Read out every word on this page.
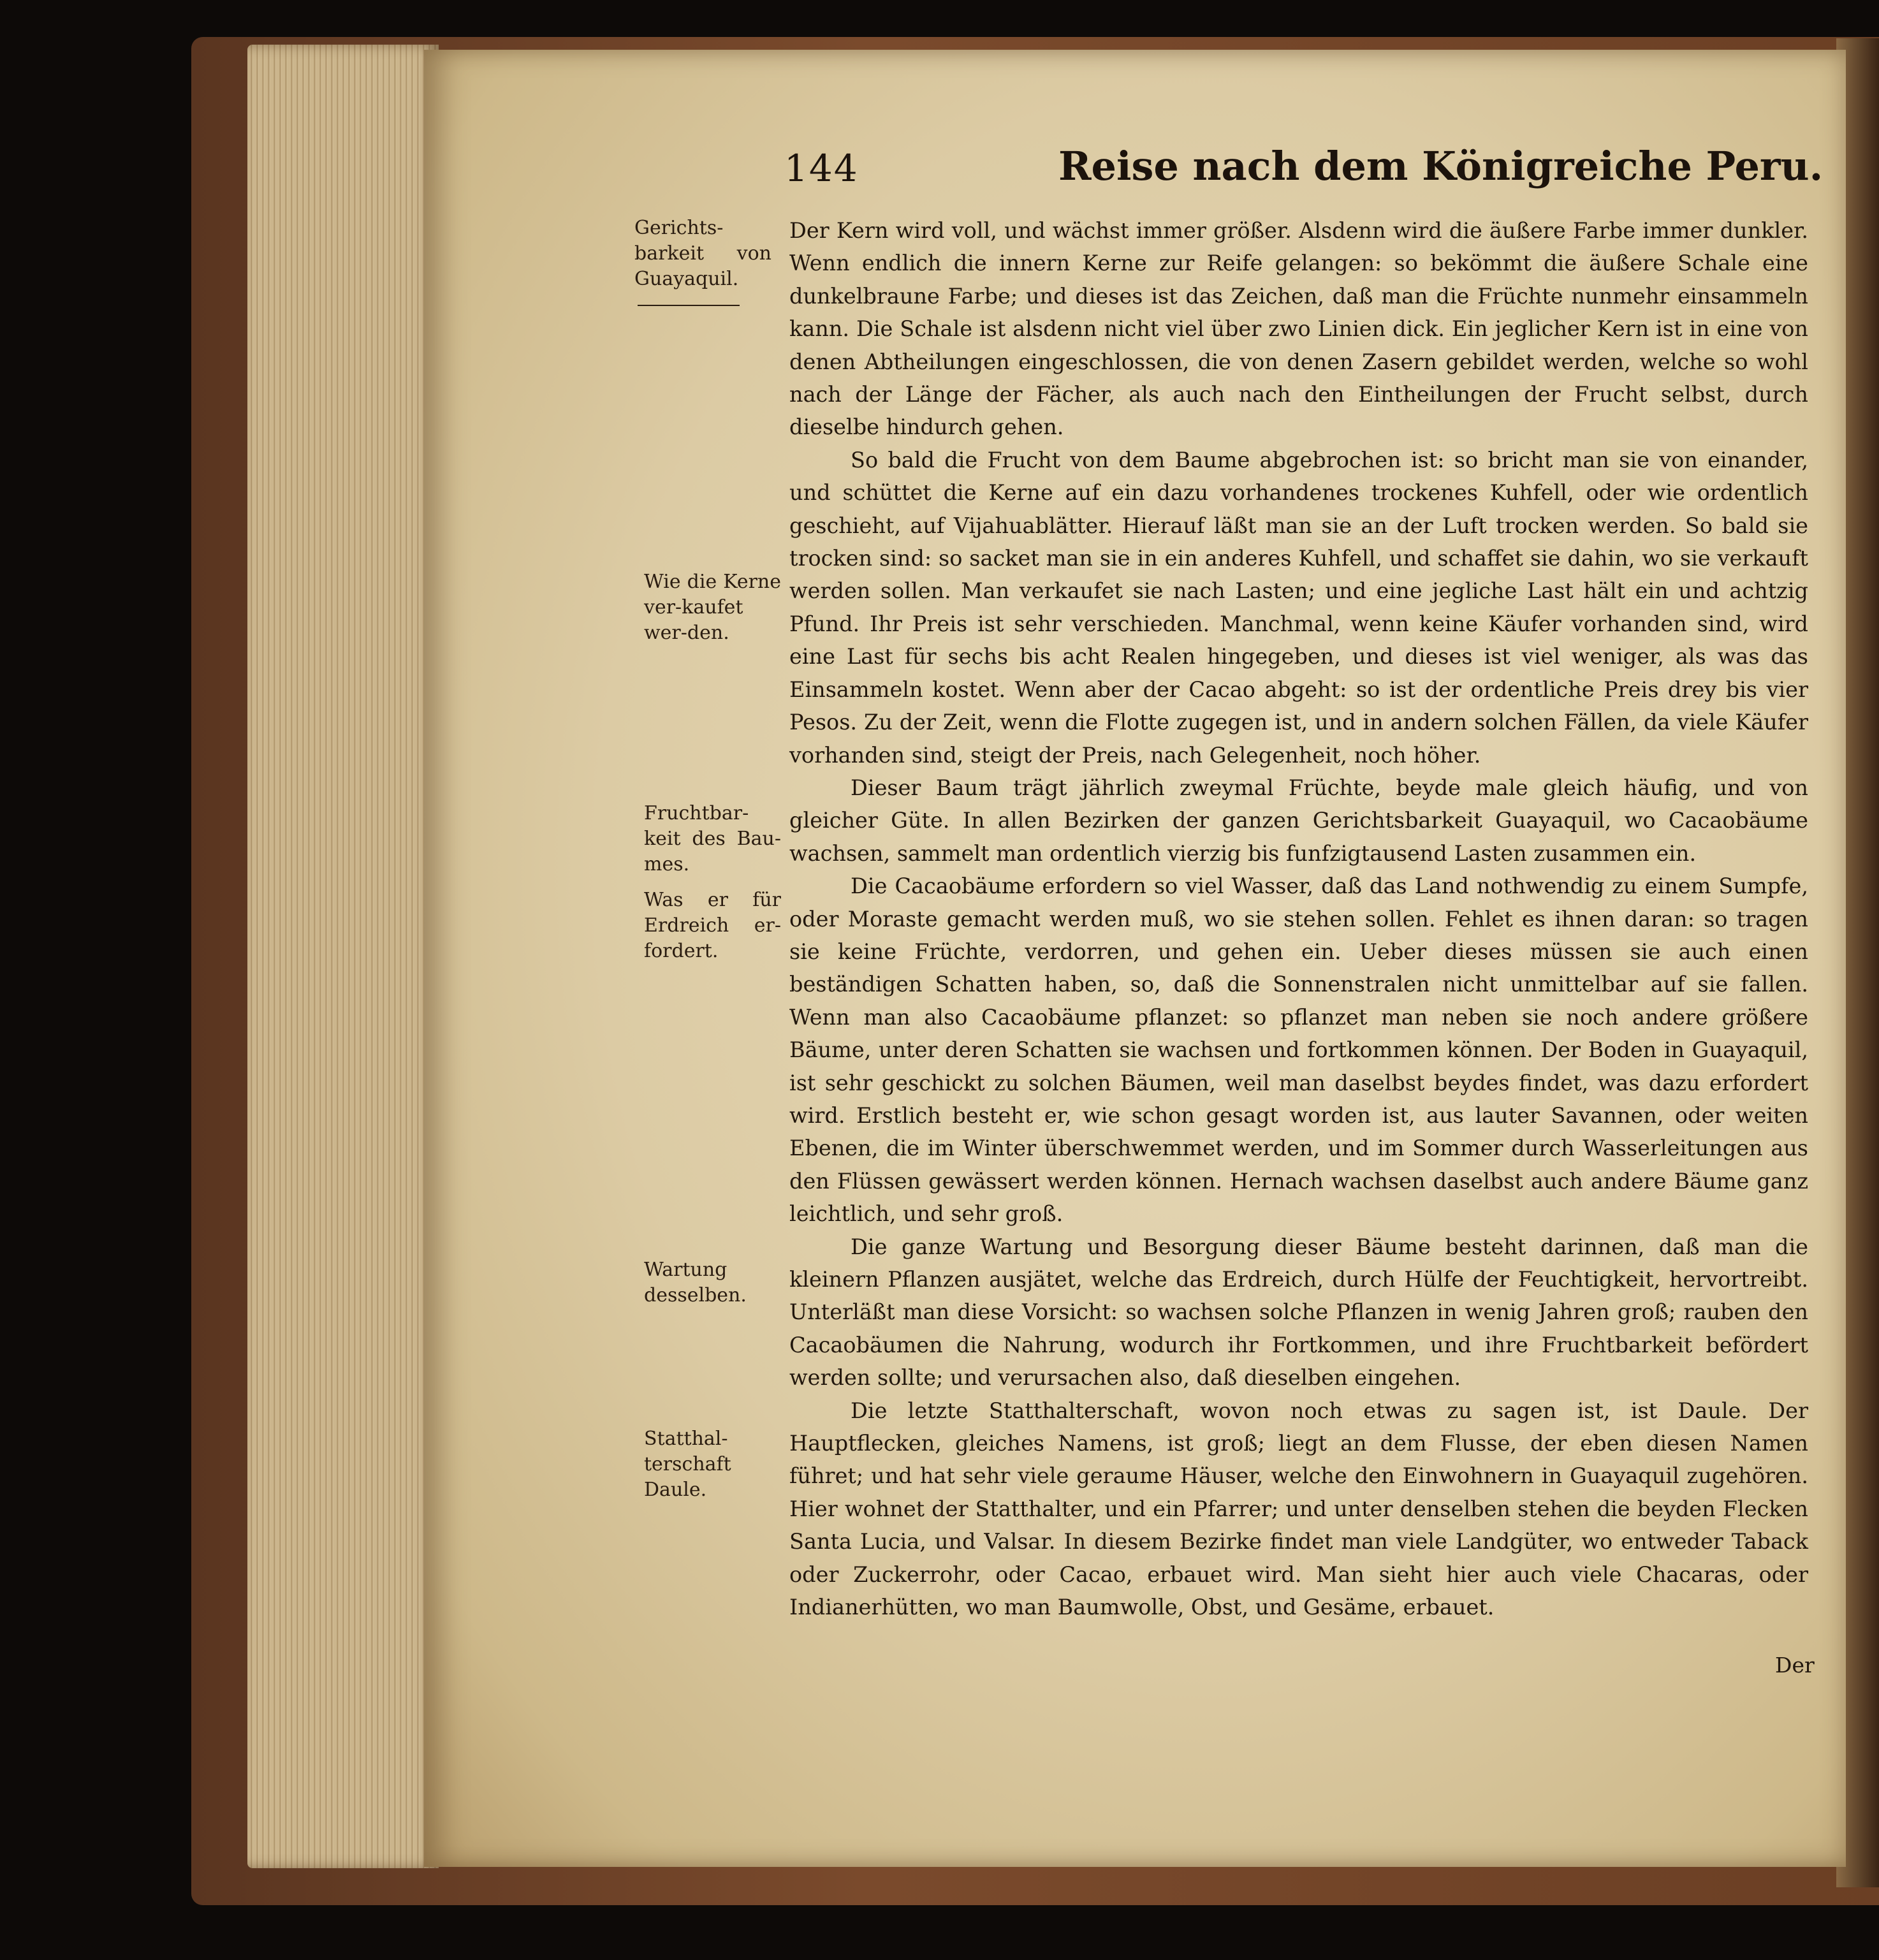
144	Reise nach dem Königreiche Peru.
Gerichts-barkeit von Guayaquil.
Wie die Kerne ver-kaufet wer-den.
Fruchtbar-keit des Bau-mes.
Was er für Erdreich er-fordert.
Wartung desselben.
Statthal-terschaft Daule.

Der Kern wird voll, und wächst immer größer. Alsdenn wird die äußere Farbe immer dunkler. Wenn endlich die innern Kerne zur Reife gelangen: so bekömmt die äußere Schale eine dunkelbraune Farbe; und dieses ist das Zeichen, daß man die Früchte nunmehr einsammeln kann. Die Schale ist alsdenn nicht viel über zwo Linien dick. Ein jeglicher Kern ist in eine von denen Abtheilungen eingeschlossen, die von denen Zasern gebildet werden, welche so wohl nach der Länge der Fächer, als auch nach den Eintheilungen der Frucht selbst, durch dieselbe hindurch gehen.

So bald die Frucht von dem Baume abgebrochen ist: so bricht man sie von einander, und schüttet die Kerne auf ein dazu vorhandenes trockenes Kuhfell, oder wie ordentlich geschieht, auf Vijahuablätter. Hierauf läßt man sie an der Luft trocken werden. So bald sie trocken sind: so sacket man sie in ein anderes Kuhfell, und schaffet sie dahin, wo sie verkauft werden sollen. Man verkaufet sie nach Lasten; und eine jegliche Last hält ein und achtzig Pfund. Ihr Preis ist sehr verschieden. Manchmal, wenn keine Käufer vorhanden sind, wird eine Last für sechs bis acht Realen hingegeben, und dieses ist viel weniger, als was das Einsammeln kostet. Wenn aber der Cacao abgeht: so ist der ordentliche Preis drey bis vier Pesos. Zu der Zeit, wenn die Flotte zugegen ist, und in andern solchen Fällen, da viele Käufer vorhanden sind, steigt der Preis, nach Gelegenheit, noch höher.

Dieser Baum trägt jährlich zweymal Früchte, beyde male gleich häufig, und von gleicher Güte. In allen Bezirken der ganzen Gerichtsbarkeit Guayaquil, wo Cacaobäume wachsen, sammelt man ordentlich vierzig bis funfzigtausend Lasten zusammen ein.

Die Cacaobäume erfordern so viel Wasser, daß das Land nothwendig zu einem Sumpfe, oder Moraste gemacht werden muß, wo sie stehen sollen. Fehlet es ihnen daran: so tragen sie keine Früchte, verdorren, und gehen ein. Ueber dieses müssen sie auch einen beständigen Schatten haben, so, daß die Sonnenstralen nicht unmittelbar auf sie fallen. Wenn man also Cacaobäume pflanzet: so pflanzet man neben sie noch andere größere Bäume, unter deren Schatten sie wachsen und fortkommen können. Der Boden in Guayaquil, ist sehr geschickt zu solchen Bäumen, weil man daselbst beydes findet, was dazu erfordert wird. Erstlich besteht er, wie schon gesagt worden ist, aus lauter Savannen, oder weiten Ebenen, die im Winter überschwemmet werden, und im Sommer durch Wasserleitungen aus den Flüssen gewässert werden können. Hernach wachsen daselbst auch andere Bäume ganz leichtlich, und sehr groß.

Die ganze Wartung und Besorgung dieser Bäume besteht darinnen, daß man die kleinern Pflanzen ausjätet, welche das Erdreich, durch Hülfe der Feuchtigkeit, hervortreibt. Unterläßt man diese Vorsicht: so wachsen solche Pflanzen in wenig Jahren groß; rauben den Cacaobäumen die Nahrung, wodurch ihr Fortkommen, und ihre Fruchtbarkeit befördert werden sollte; und verursachen also, daß dieselben eingehen.

Die letzte Statthalterschaft, wovon noch etwas zu sagen ist, ist Daule. Der Hauptflecken, gleiches Namens, ist groß; liegt an dem Flusse, der eben diesen Namen führet; und hat sehr viele geraume Häuser, welche den Einwohnern in Guayaquil zugehören. Hier wohnet der Statthalter, und ein Pfarrer; und unter denselben stehen die beyden Flecken Santa Lucia, und Valsar. In diesem Bezirke findet man viele Landgüter, wo entweder Taback oder Zuckerrohr, oder Cacao, erbauet wird. Man sieht hier auch viele Chacaras, oder Indianerhütten, wo man Baumwolle, Obst, und Gesäme, erbauet.

Der
